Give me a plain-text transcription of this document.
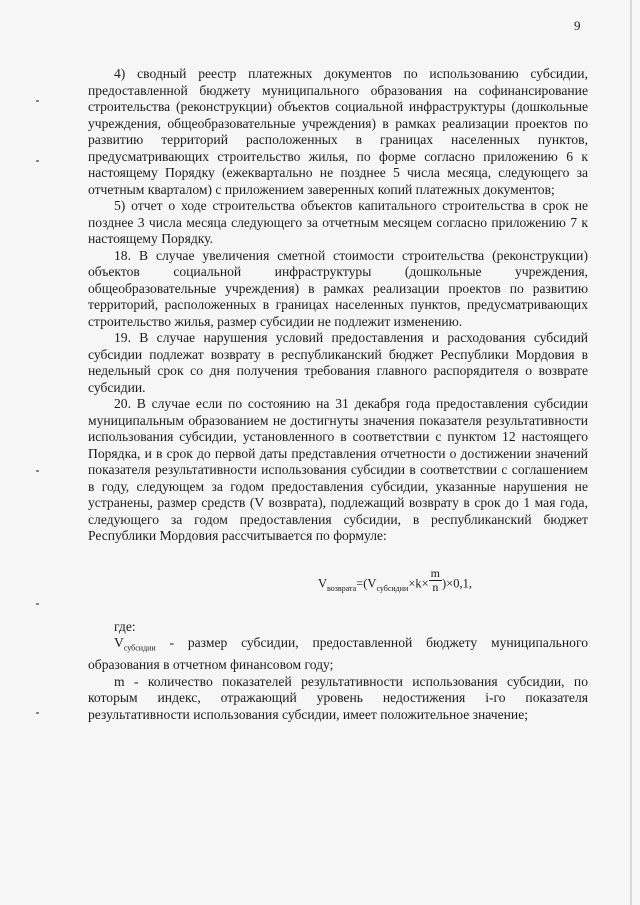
9

4) сводный реестр платежных документов по использованию субсидии, предоставленной бюджету муниципального образования на софинансирование строительства (реконструкции) объектов социальной инфраструктуры (дошкольные учреждения, общеобразовательные учреждения) в рамках реализации проектов по развитию территорий расположенных в границах населенных пунктов, предусматривающих строительство жилья, по форме согласно приложению 6 к настоящему Порядку (ежеквартально не позднее 5 числа месяца, следующего за отчетным кварталом) с приложением заверенных копий платежных документов;

5) отчет о ходе строительства объектов капитального строительства в срок не позднее 3 числа месяца следующего за отчетным месяцем согласно приложению 7 к настоящему Порядку.

18. В случае увеличения сметной стоимости строительства (реконструкции) объектов социальной инфраструктуры (дошкольные учреждения, общеобразовательные учреждения) в рамках реализации проектов по развитию территорий, расположенных в границах населенных пунктов, предусматривающих строительство жилья, размер субсидии не подлежит изменению.

19. В случае нарушения условий предоставления и расходования субсидий субсидии подлежат возврату в республиканский бюджет Республики Мордовия в недельный срок со дня получения требования главного распорядителя о возврате субсидии.

20. В случае если по состоянию на 31 декабря года предоставления субсидии муниципальным образованием не достигнуты значения показателя результативности использования субсидии, установленного в соответствии с пунктом 12 настоящего Порядка, и в срок до первой даты представления отчетности о достижении значений показателя результативности использования субсидии в соответствии с соглашением в году, следующем за годом предоставления субсидии, указанные нарушения не устранены, размер средств (V возврата), подлежащий возврату в срок до 1 мая года, следующего за годом предоставления субсидии, в республиканский бюджет Республики Мордовия рассчитывается по формуле:

$V_{возврата}=(V_{субсидии}\times k\times \frac{m}{n} )\times 0,1$,

где:

$V_{субсидии}$ - размер субсидии, предоставленной бюджету муниципального образования в отчетном финансовом году;

m - количество показателей результативности использования субсидии, по которым индекс, отражающий уровень недостижения i-го показателя результативности использования субсидии, имеет положительное значение;
